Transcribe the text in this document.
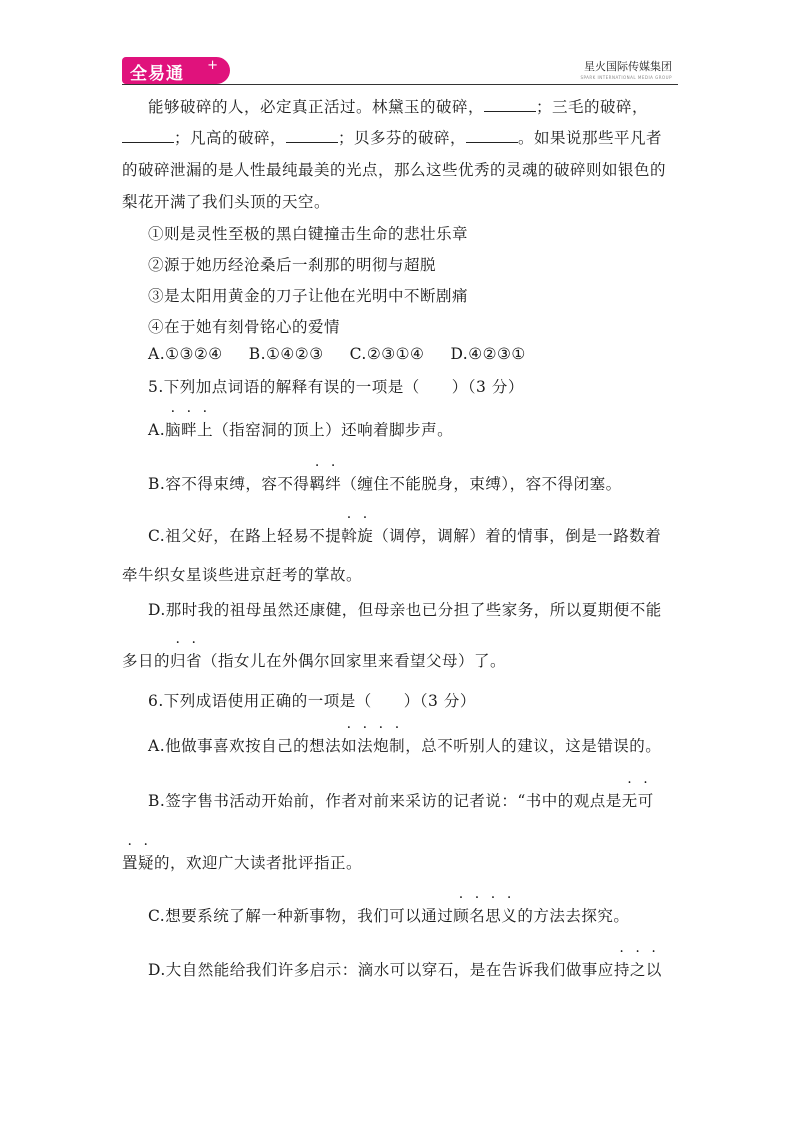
全易通 +	星火国际传媒集团
SPARK INTERNATIONAL MEDIA GROUP
能够破碎的人，必定真正活过。林黛玉的破碎，	；三毛的破碎，
；凡高的破碎，	；贝多芬的破碎，	。如果说那些平凡者
的破碎泄漏的是人性最纯最美的光点，那么这些优秀的灵魂的破碎则如银色的
梨花开满了我们头顶的天空。
①则是灵性至极的黑白键撞击生命的悲壮乐章
②源于她历经沧桑后一刹那的明彻与超脱
③是太阳用黄金的刀子让他在光明中不断剧痛
④在于她有刻骨铭心的爱情
A.①③②④ B.①④②③ C.②③①④ D.④②③①
5.下列加点词语的解释有误的一项是（　　）（3 分）
A.脑畔上（指窑洞的顶上）还响着脚步声。
B.容不得束缚，容不得羁绊（缠住不能脱身，束缚），容不得闭塞。
C.祖父好，在路上轻易不提斡旋（调停，调解）着的情事，倒是一路数着
牵牛织女星谈些进京赶考的掌故。
D.那时我的祖母虽然还康健，但母亲也已分担了些家务，所以夏期便不能
多日的归省（指女儿在外偶尔回家里来看望父母）了。
6.下列成语使用正确的一项是（　　）（3 分）
A.他做事喜欢按自己的想法如法炮制，总不听别人的建议，这是错误的。
B.签字售书活动开始前，作者对前来采访的记者说：“书中的观点是无可
置疑的，欢迎广大读者批评指正。
C.想要系统了解一种新事物，我们可以通过顾名思义的方法去探究。
D.大自然能给我们许多启示：滴水可以穿石，是在告诉我们做事应持之以
